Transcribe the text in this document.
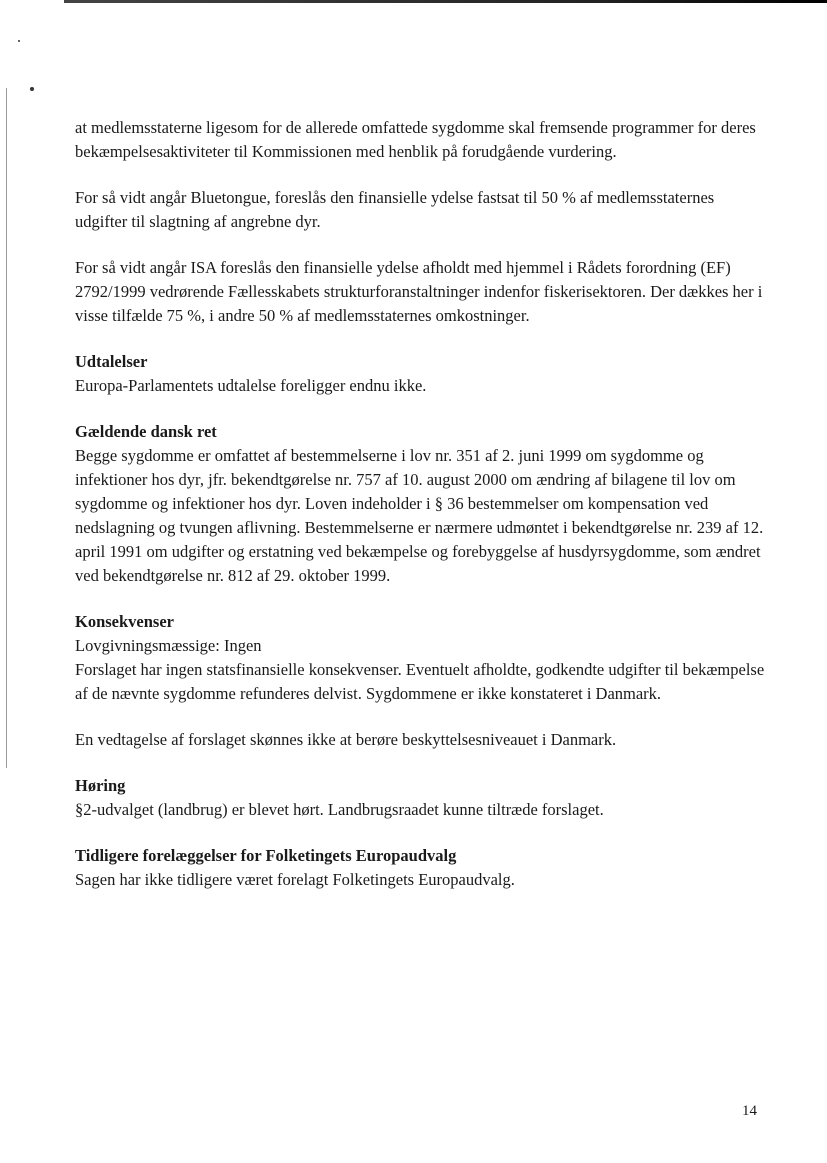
at medlemsstaterne ligesom for de allerede omfattede sygdomme skal fremsende programmer for deres bekæmpelsesaktiviteter til Kommissionen med henblik på forudgående vurdering.

For så vidt angår Bluetongue, foreslås den finansielle ydelse fastsat til 50 % af medlemsstaternes udgifter til slagtning af angrebne dyr.

For så vidt angår ISA foreslås den finansielle ydelse afholdt med hjemmel i Rådets forordning (EF) 2792/1999 vedrørende Fællesskabets strukturforanstaltninger indenfor fiskerisektoren. Der dækkes her i visse tilfælde 75 %, i andre 50 % af medlemsstaternes omkostninger.

Udtalelser

Europa-Parlamentets udtalelse foreligger endnu ikke.

Gældende dansk ret

Begge sygdomme er omfattet af bestemmelserne i lov nr. 351 af 2. juni 1999 om sygdomme og infektioner hos dyr, jfr. bekendtgørelse nr. 757 af 10. august 2000 om ændring af bilagene til lov om sygdomme og infektioner hos dyr. Loven indeholder i § 36 bestemmelser om kompensation ved nedslagning og tvungen aflivning. Bestemmelserne er nærmere udmøntet i bekendtgørelse nr. 239 af 12. april 1991 om udgifter og erstatning ved bekæmpelse og forebyggelse af husdyrsygdomme, som ændret ved bekendtgørelse nr. 812 af 29. oktober 1999.

Konsekvenser

Lovgivningsmæssige: Ingen

Forslaget har ingen statsfinansielle konsekvenser. Eventuelt afholdte, godkendte udgifter til bekæmpelse af de nævnte sygdomme refunderes delvist. Sygdommene er ikke konstateret i Danmark.

En vedtagelse af forslaget skønnes ikke at berøre beskyttelsesniveauet i Danmark.

Høring

§2-udvalget (landbrug) er blevet hørt. Landbrugsraadet kunne tiltræde forslaget.

Tidligere forelæggelser for Folketingets Europaudvalg

Sagen har ikke tidligere været forelagt Folketingets Europaudvalg.

14
